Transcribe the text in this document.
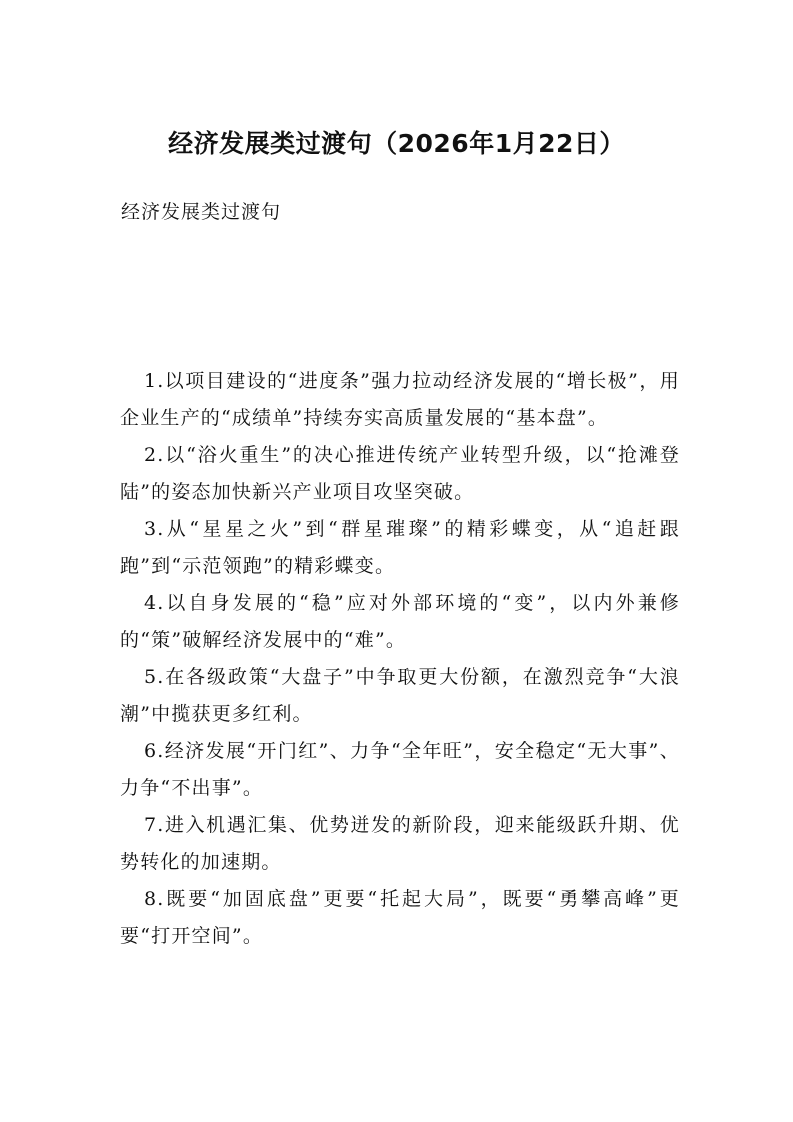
经济发展类过渡句（2026年1月22日）

经济发展类过渡句

1.以项目建设的“进度条”强力拉动经济发展的“增长极”，用企业生产的“成绩单”持续夯实高质量发展的“基本盘”。
2.以“浴火重生”的决心推进传统产业转型升级，以“抢滩登陆”的姿态加快新兴产业项目攻坚突破。
3.从“星星之火”到“群星璀璨”的精彩蝶变，从“追赶跟跑”到“示范领跑”的精彩蝶变。
4.以自身发展的“稳”应对外部环境的“变”，以内外兼修的“策”破解经济发展中的“难”。
5.在各级政策“大盘子”中争取更大份额，在激烈竞争“大浪潮”中揽获更多红利。
6.经济发展“开门红”、力争“全年旺”，安全稳定“无大事”、力争“不出事”。
7.进入机遇汇集、优势迸发的新阶段，迎来能级跃升期、优势转化的加速期。
8.既要“加固底盘”更要“托起大局”，既要“勇攀高峰”更要“打开空间”。
